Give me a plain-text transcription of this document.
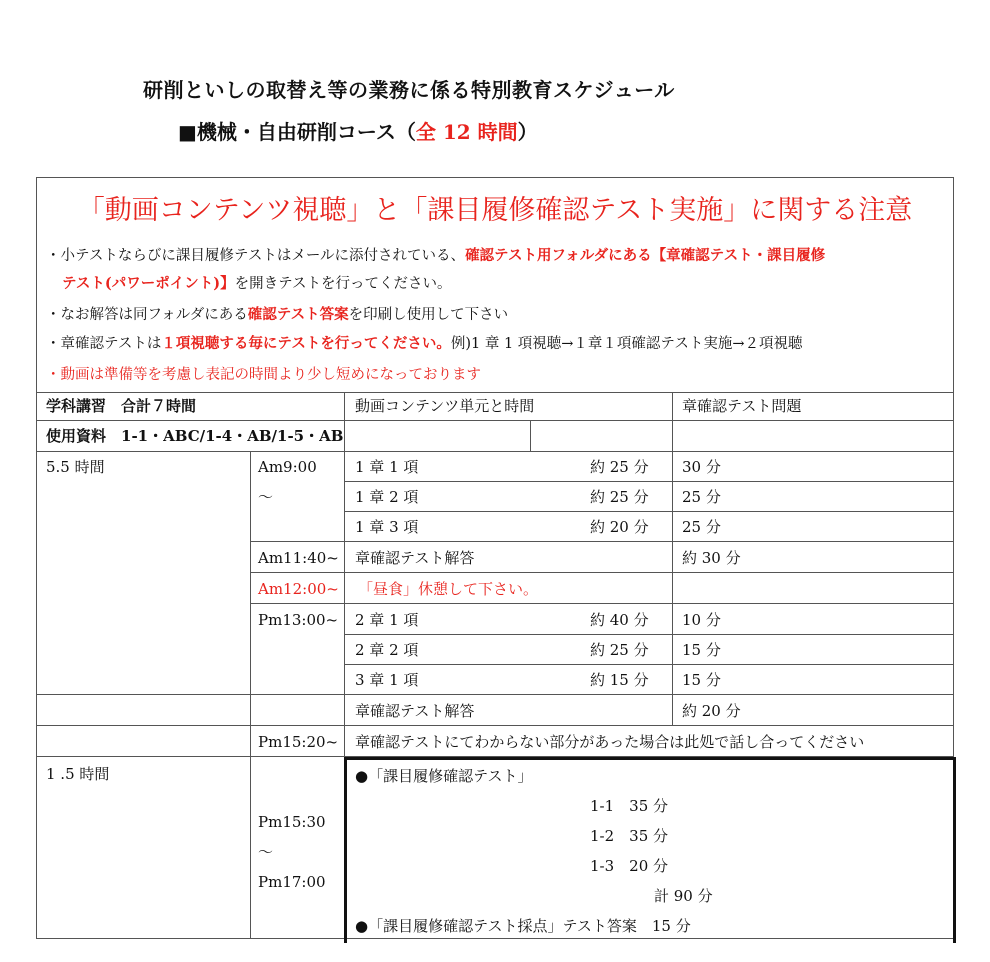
研削といしの取替え等の業務に係る特別教育スケジュール
■機械・自由研削コース（全 12 時間）
「動画コンテンツ視聴」と「課目履修確認テスト実施」に関する注意
・小テストならびに課目履修テストはメールに添付されている、確認テスト用フォルダにある【章確認テスト・課目履修
テスト(パワーポイント)】を開きテストを行ってください。
・なお解答は同フォルダにある確認テスト答案を印刷し使用して下さい
・章確認テストは１項視聴する毎にテストを行ってください。例)1 章 1 項視聴→１章１項確認テスト実施→２項視聴
・動画は準備等を考慮し表記の時間より少し短めになっております
学科講習　合計７時間	動画コンテンツ単元と時間	章確認テスト問題
使用資料　1-1・ABC/1-4・AB/1-5・AB
5.5 時間	Am9:00
〜
1 章 1 項	約 25 分 30 分
1 章 2 項	約 25 分 25 分
1 章 3 項	約 20 分 25 分
Am11:40~ 章確認テスト解答	約 30 分
Am12:00~ 「昼食」休憩して下さい。
Pm13:00~ 2 章 1 項	約 40 分 10 分
2 章 2 項	約 25 分 15 分
3 章 1 項	約 15 分 15 分
章確認テスト解答	約 20 分
Pm15:20~ 章確認テストにてわからない部分があった場合は此処で話し合ってください
1 .5 時間
Pm15:30
〜
Pm17:00
●「課目履修確認テスト」
1-1　35 分
1-2　35 分
1-3　20 分
計 90 分
●「課目履修確認テスト採点」テスト答案　15 分
